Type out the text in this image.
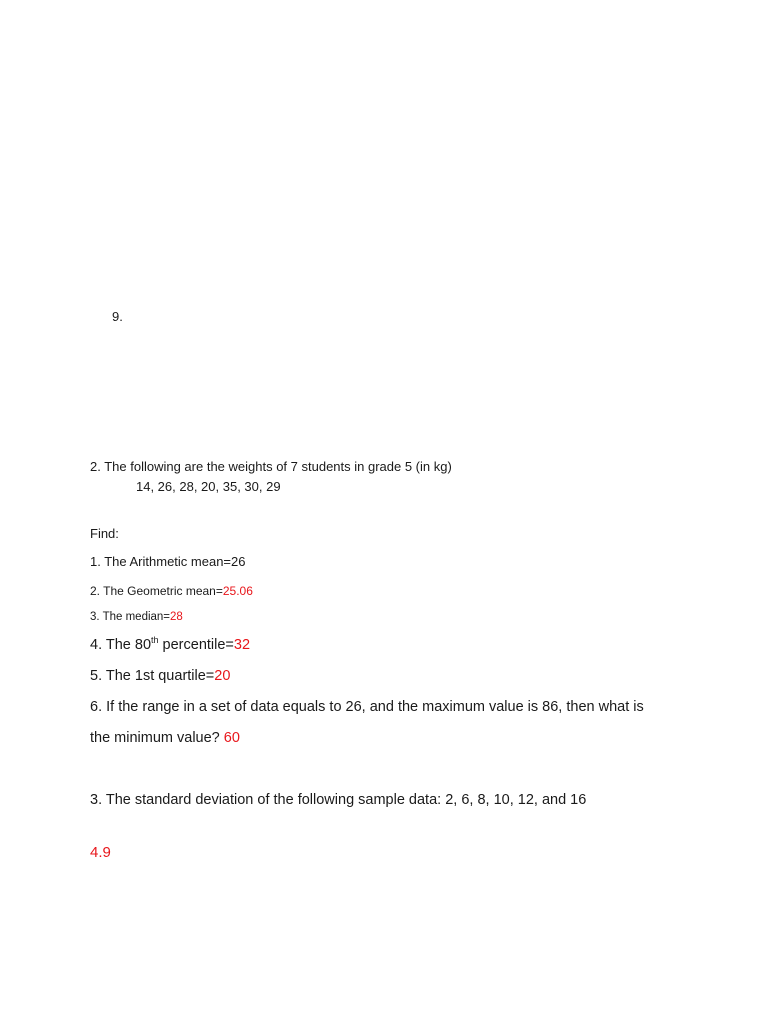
9.
2. The following are the weights of 7 students in grade 5 (in kg)
14, 26, 28, 20, 35, 30, 29
Find:
1. The Arithmetic mean=26
2. The Geometric mean=25.06
3. The median=28
4. The 80th percentile=32
5. The 1st quartile=20
6. If the range in a set of data equals to 26, and the maximum value is 86, then what is
the minimum value? 60
3. The standard deviation of the following sample data: 2, 6, 8, 10, 12, and 16
4.9
